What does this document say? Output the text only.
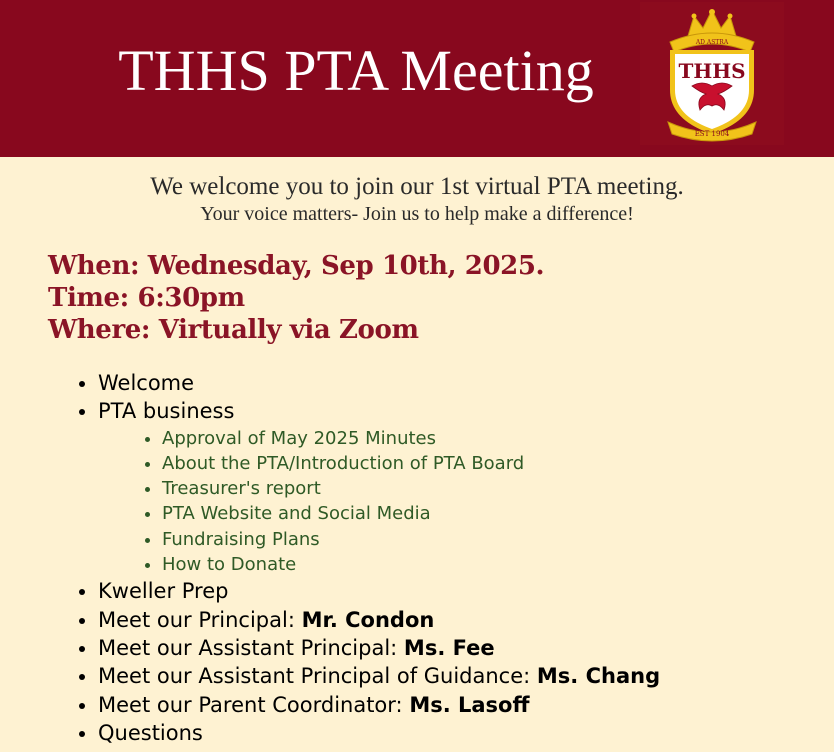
THHS PTA Meeting	AD ASTRA
THHS
EST 1904
We welcome you to join our 1st virtual PTA meeting.
Your voice matters- Join us to help make a difference!
When: Wednesday, Sep 10th, 2025.
Time: 6:30pm
Where: Virtually via Zoom
• Welcome
• PTA business
• Approval of May 2025 Minutes
• About the PTA/Introduction of PTA Board
• Treasurer's report
• PTA Website and Social Media
• Fundraising Plans
• How to Donate
• Kweller Prep
• Meet our Principal: Mr. Condon
• Meet our Assistant Principal: Ms. Fee
• Meet our Assistant Principal of Guidance: Ms. Chang
• Meet our Parent Coordinator: Ms. Lasoff
• Questions
